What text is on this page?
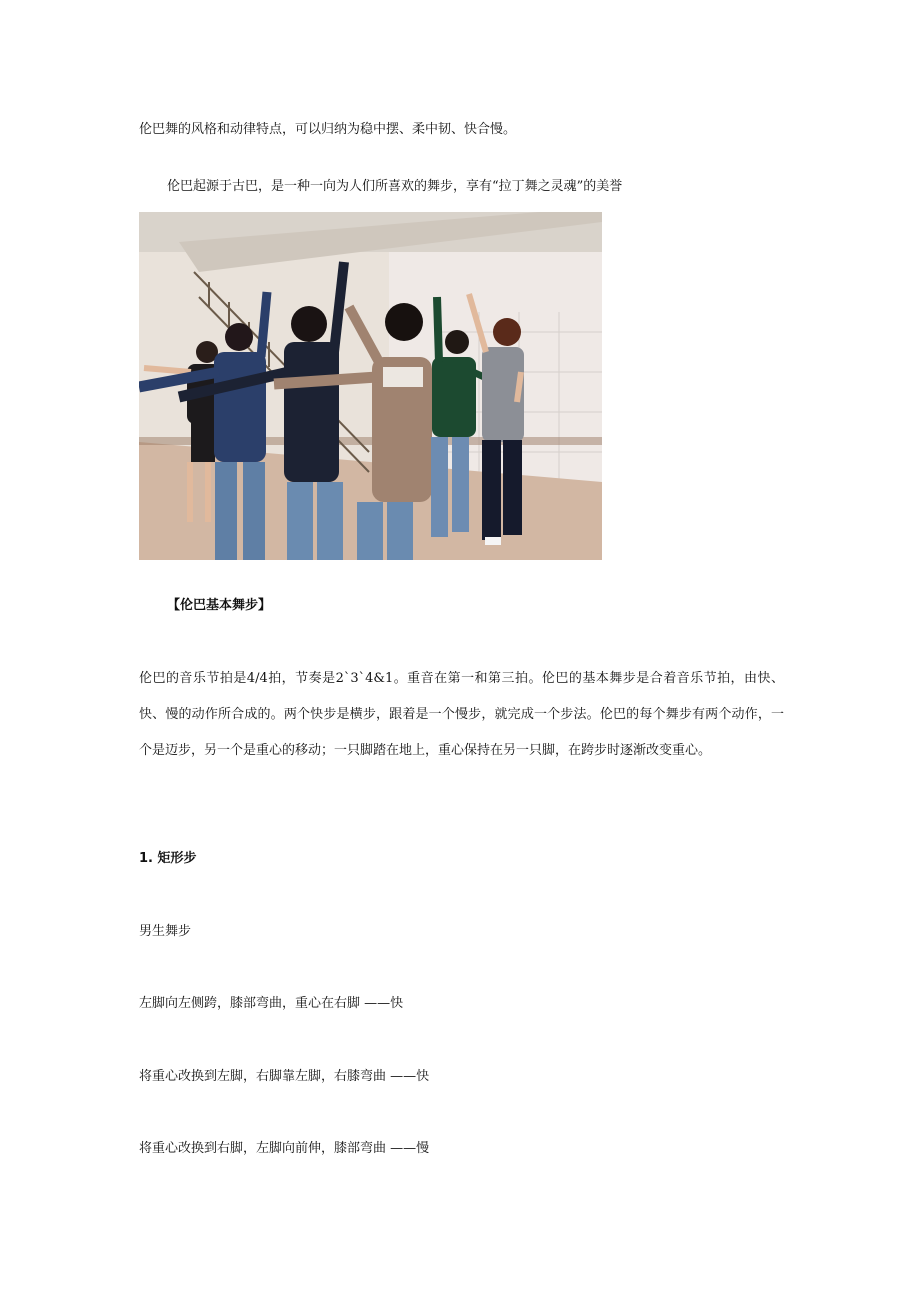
伦巴舞的风格和动律特点，可以归纳为稳中摆、柔中韧、快合慢。
伦巴起源于古巴，是一种一向为人们所喜欢的舞步，享有“拉丁舞之灵魂”的美誉
【伦巴基本舞步】
伦巴的音乐节拍是4/4拍，节奏是2`3`4&1。重音在第一和第三拍。伦巴的基本舞步是合着音乐节拍，由快、快、慢的动作所合成的。两个快步是横步，跟着是一个慢步，就完成一个步法。伦巴的每个舞步有两个动作，一个是迈步，另一个是重心的移动；一只脚踏在地上，重心保持在另一只脚，在跨步时逐渐改变重心。
1. 矩形步
男生舞步
左脚向左侧跨，膝部弯曲，重心在右脚 ——快
将重心改换到左脚，右脚靠左脚，右膝弯曲 ——快
将重心改换到右脚，左脚向前伸，膝部弯曲 ——慢
